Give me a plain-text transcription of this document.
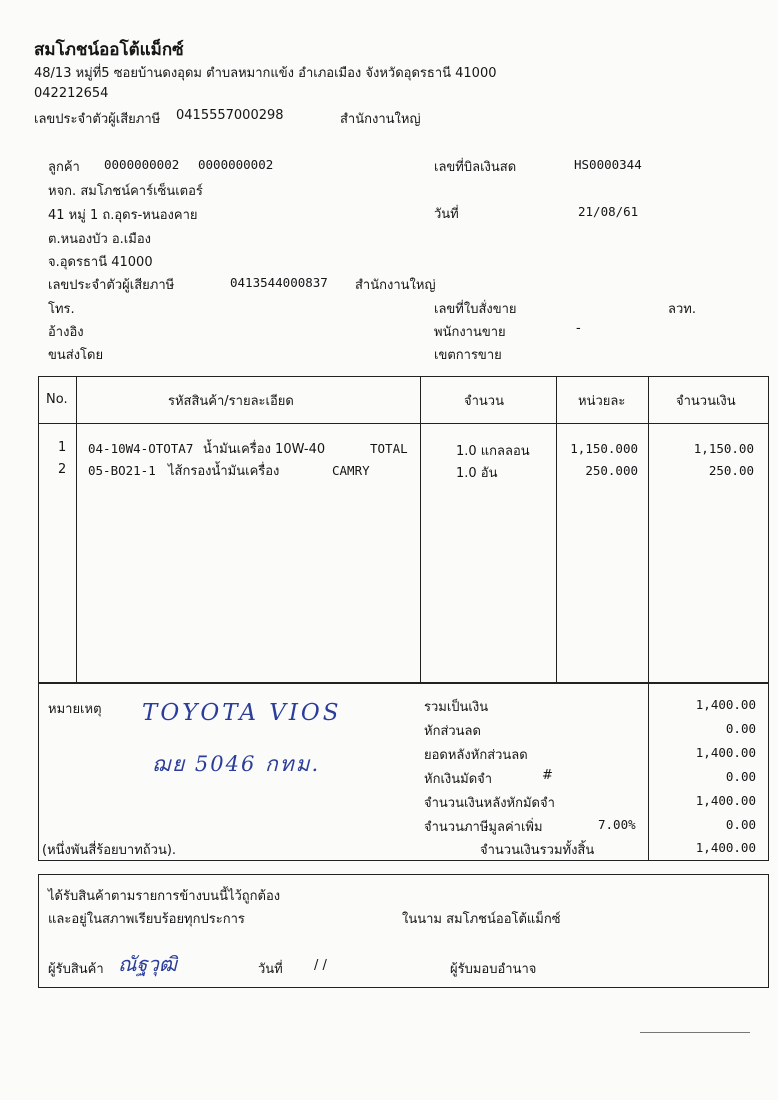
สมโภชน์ออโต้แม็กซ์
48/13 หมู่ที่5 ซอยบ้านดงอุดม ตำบลหมากแข้ง อำเภอเมือง จังหวัดอุดรธานี 41000
042212654
เลขประจำตัวผู้เสียภาษี 0415557000298	สำนักงานใหญ่
ลูกค้า 0000000002 0000000002
หจก. สมโภชน์คาร์เซ็นเตอร์
41 หมู่ 1 ถ.อุดร-หนองคาย
ต.หนองบัว อ.เมือง
จ.อุดรธานี 41000
เลขประจำตัวผู้เสียภาษี	0413544000837 สำนักงานใหญ่
โทร.
อ้างอิง
ขนส่งโดย
เลขที่บิลเงินสด	HS0000344
วันที่	21/08/61
เลขที่ใบสั่งขาย	ลวท.
พนักงานขาย	-
เขตการขาย
No.	รหัสสินค้า/รายละเอียด	จำนวน	หน่วยละ	จำนวนเงิน
1 04-10W4-OTOTA7 น้ำมันเครื่อง 10W-40	TOTAL	1.0 แกลลอน	1,150.000	1,150.00
2 05-BO21-1 ไส้กรองน้ำมันเครื่อง	CAMRY	1.0 อัน	250.000	250.00
หมายเหตุ TOYOTA VIOS
ฌย 5046 กทม.
(หนึ่งพันสี่ร้อยบาทถ้วน).
รวมเป็นเงิน	1,400.00
หักส่วนลด	0.00
ยอดหลังหักส่วนลด	1,400.00
หักเงินมัดจำ	#	0.00
จำนวนเงินหลังหักมัดจำ	1,400.00
จำนวนภาษีมูลค่าเพิ่ม	7.00%	0.00
จำนวนเงินรวมทั้งสิ้น	1,400.00
ได้รับสินค้าตามรายการข้างบนนี้ไว้ถูกต้อง
และอยู่ในสภาพเรียบร้อยทุกประการ	ในนาม สมโภชน์ออโต้แม็กซ์
ผู้รับสินค้า ณัฐวุฒิ	วันที่ / /	ผู้รับมอบอำนาจ
